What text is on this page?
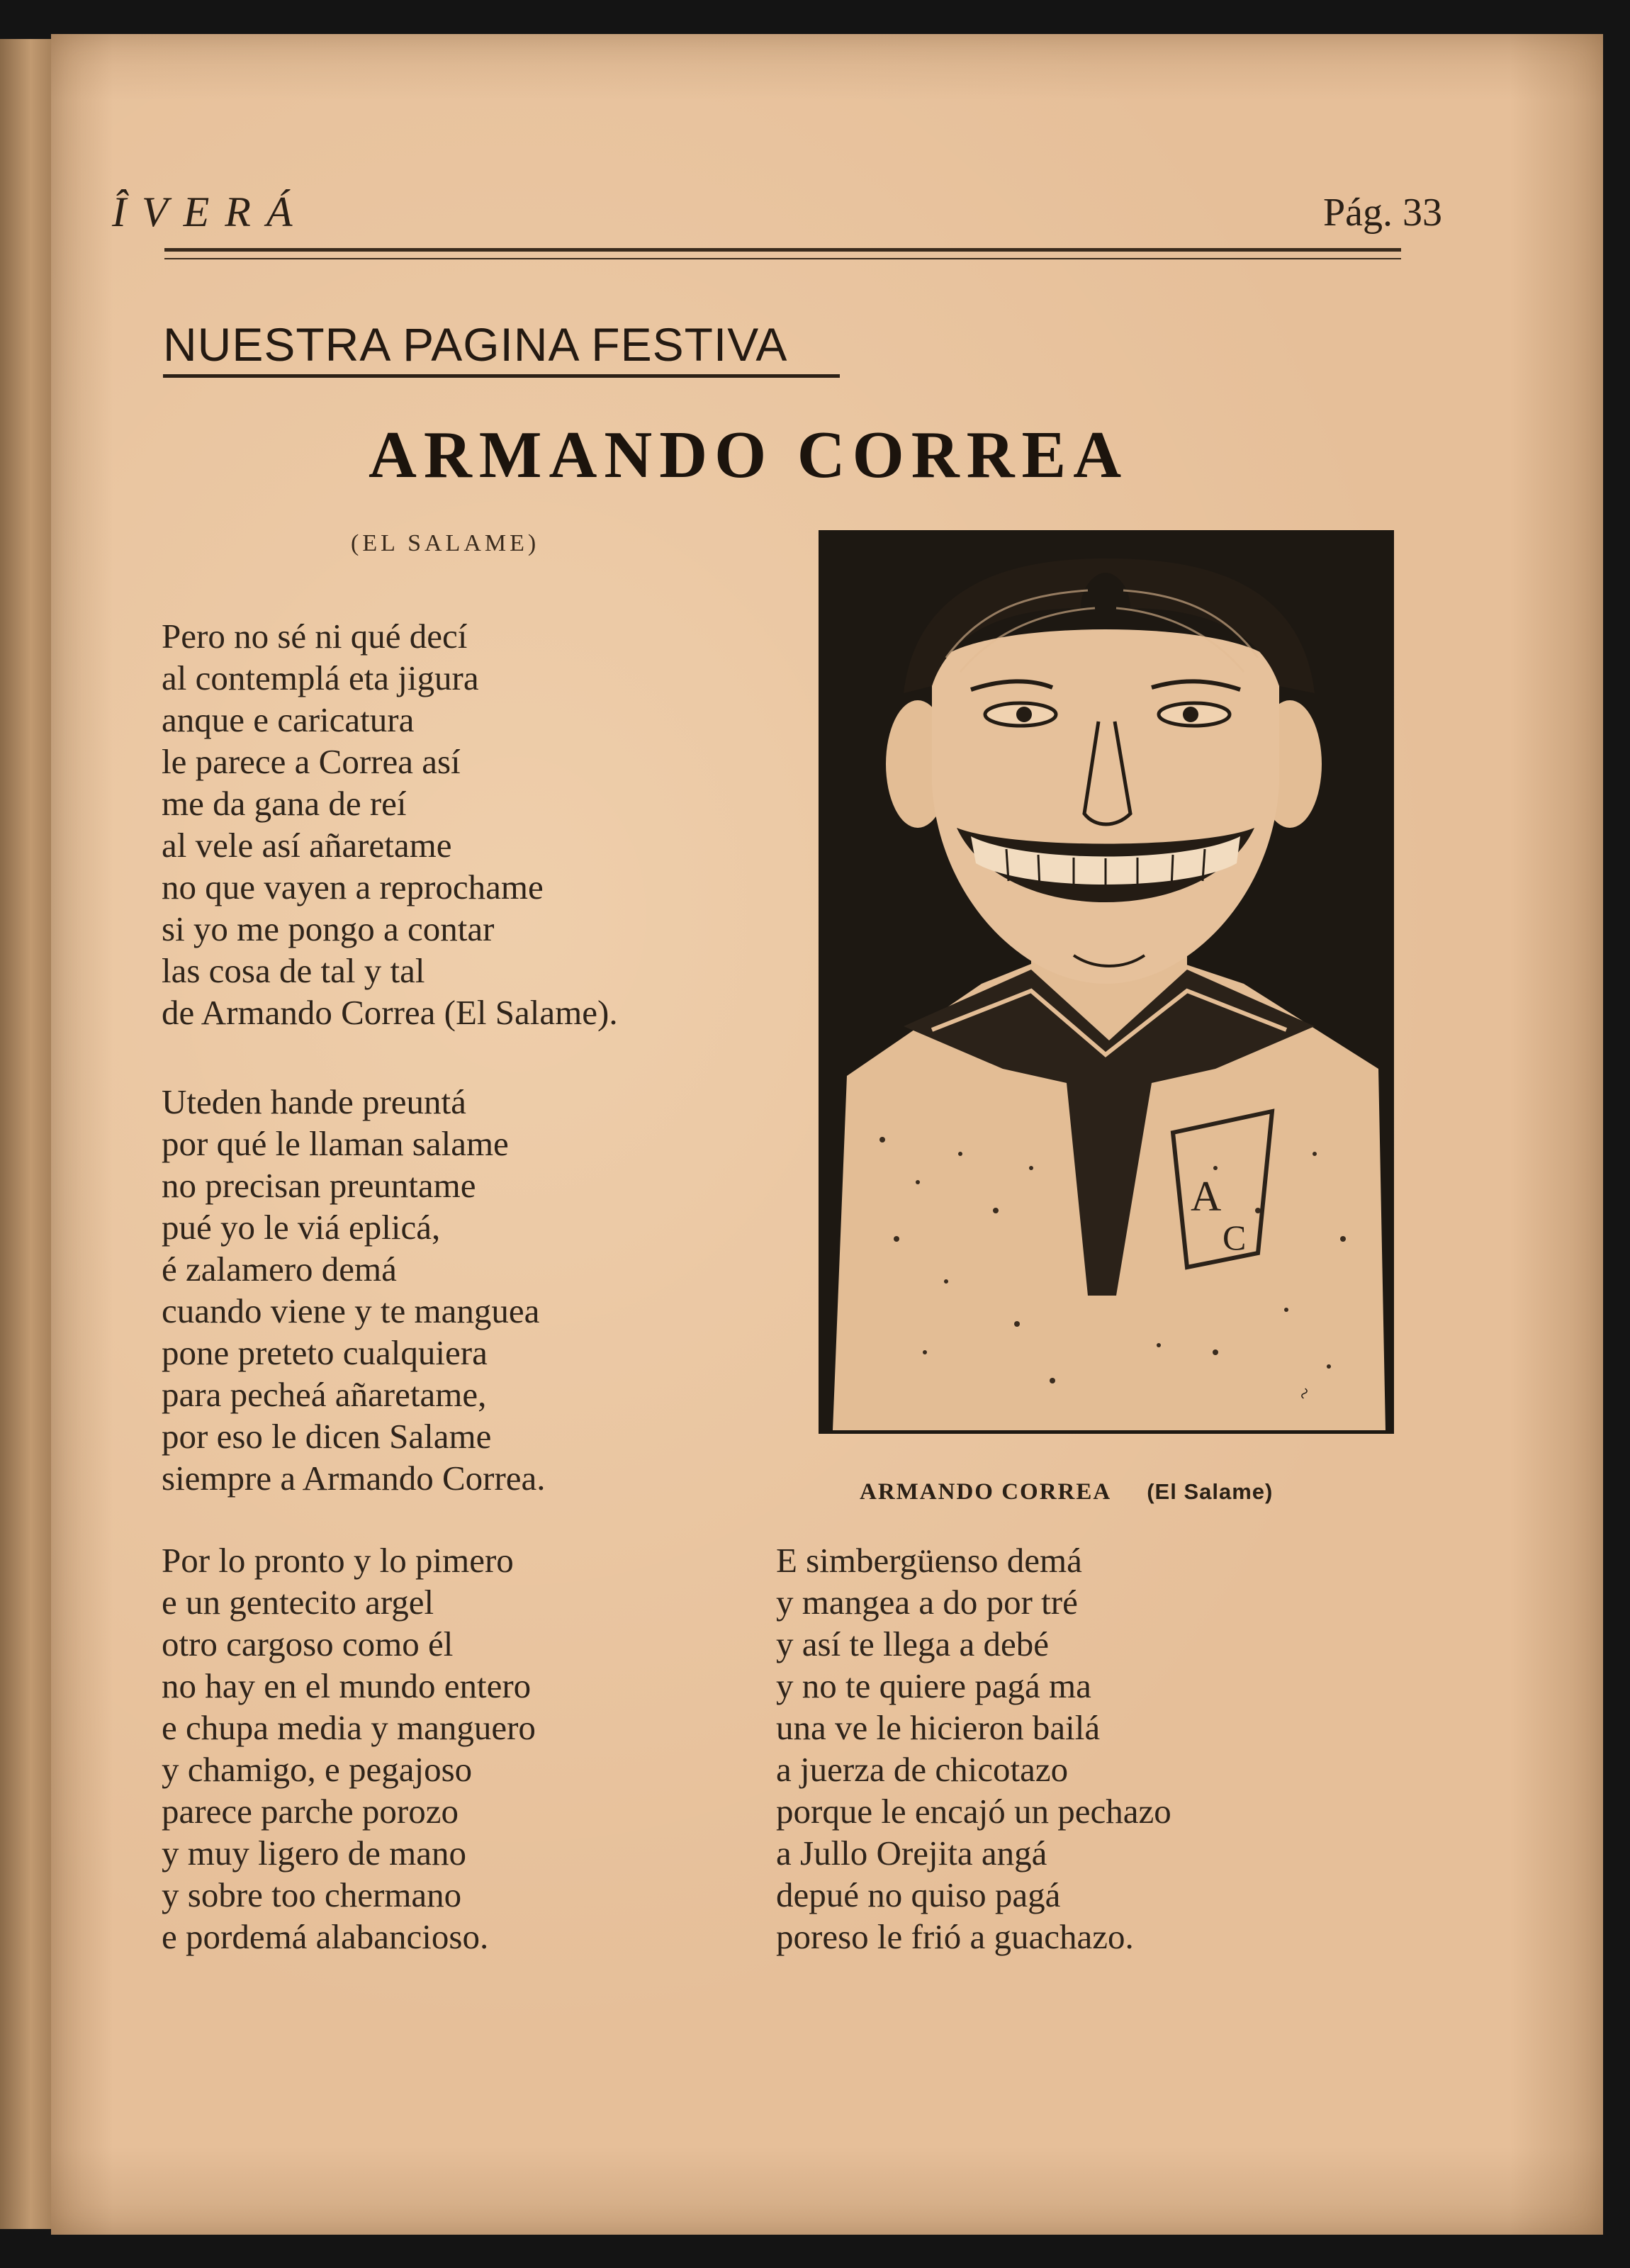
ÎVERÁ	Pág. 33
NUESTRA PAGINA FESTIVA
ARMANDO CORREA
(EL SALAME)
Pero no sé ni qué decí
al contemplá eta jigura
anque e caricatura
le parece a Correa así
me da gana de reí
al vele así añaretame
no que vayen a reprochame
si yo me pongo a contar
las cosa de tal y tal
de Armando Correa (El Salame).
Uteden hande preuntá
por qué le llaman salame
no precisan preuntame
pué yo le viá eplicá,
é zalamero demá
cuando viene y te manguea
pone preteto cualquiera
para pecheá añaretame,
por eso le dicen Salame
siempre a Armando Correa.
Por lo pronto y lo pimero
e un gentecito argel
otro cargoso como él
no hay en el mundo entero
e chupa media y manguero
y chamigo, e pegajoso
parece parche porozo
y muy ligero de mano
y sobre too chermano
e pordemá alabancioso.
E simbergüenso demá
y mangea a do por tré
y así te llega a debé
y no te quiere pagá ma
una ve le hicieron bailá
a juerza de chicotazo
porque le encajó un pechazo
a Jullo Orejita angá
depué no quiso pagá
poreso le frió a guachazo.
A
C
~
ARMANDO CORREA (El Salame)
